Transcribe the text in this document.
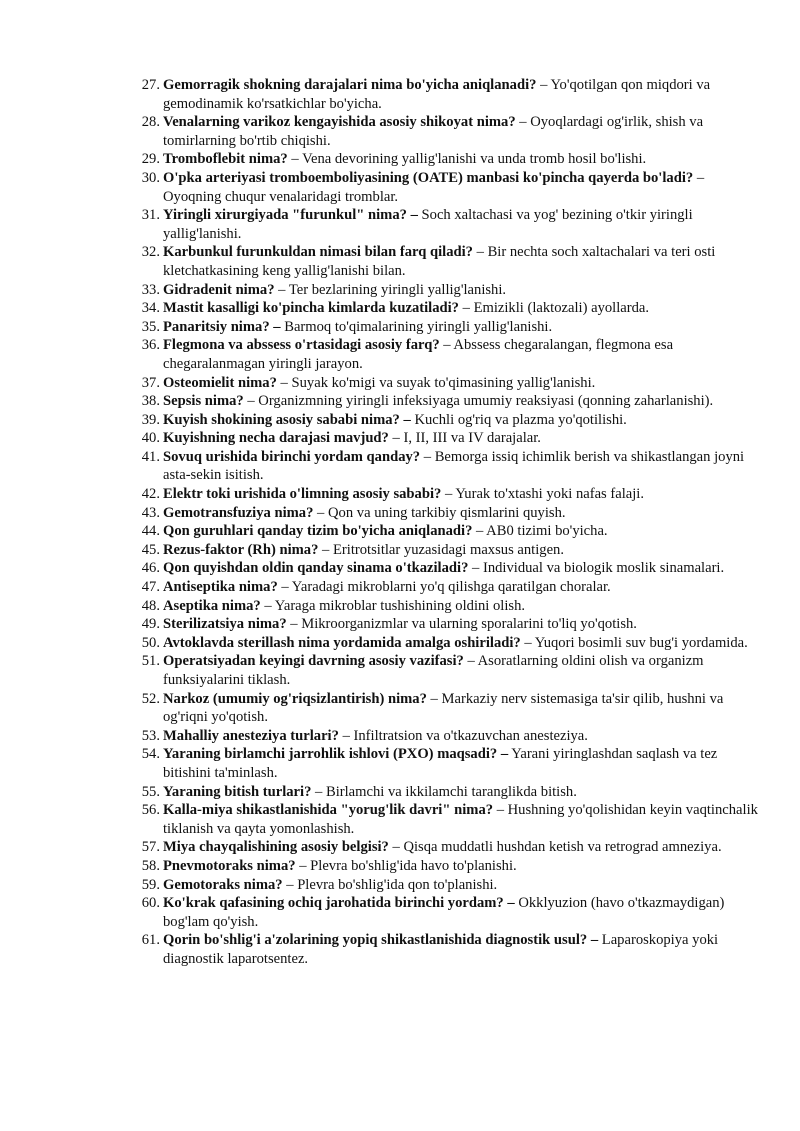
27. Gemorragik shokning darajalari nima bo'yicha aniqlanadi? – Yo'qotilgan qon miqdori va gemodinamik ko'rsatkichlar bo'yicha.
28. Venalarning varikoz kengayishida asosiy shikoyat nima? – Oyoqlardagi og'irlik, shish va tomirlarning bo'rtib chiqishi.
29. Tromboflebit nima? – Vena devorining yallig'lanishi va unda tromb hosil bo'lishi.
30. O'pka arteriyasi tromboemboliyasining (OATE) manbasi ko'pincha qayerda bo'ladi? – Oyoqning chuqur venalaridagi tromblar.
31. Yiringli xirurgiyada "furunkul" nima? – Soch xaltachasi va yog' bezining o'tkir yiringli yallig'lanishi.
32. Karbunkul furunkuldan nimasi bilan farq qiladi? – Bir nechta soch xaltachalari va teri osti kletchatkasining keng yallig'lanishi bilan.
33. Gidradenit nima? – Ter bezlarining yiringli yallig'lanishi.
34. Mastit kasalligi ko'pincha kimlarda kuzatiladi? – Emizikli (laktozali) ayollarda.
35. Panaritsiy nima? – Barmoq to'qimalarining yiringli yallig'lanishi.
36. Flegmona va abssess o'rtasidagi asosiy farq? – Abssess chegaralangan, flegmona esa chegaralanmagan yiringli jarayon.
37. Osteomielit nima? – Suyak ko'migi va suyak to'qimasining yallig'lanishi.
38. Sepsis nima? – Organizmning yiringli infeksiyaga umumiy reaksiyasi (qonning zaharlanishi).
39. Kuyish shokining asosiy sababi nima? – Kuchli og'riq va plazma yo'qotilishi.
40. Kuyishning necha darajasi mavjud? – I, II, III va IV darajalar.
41. Sovuq urishida birinchi yordam qanday? – Bemorga issiq ichimlik berish va shikastlangan joyni asta-sekin isitish.
42. Elektr toki urishida o'limning asosiy sababi? – Yurak to'xtashi yoki nafas falaji.
43. Gemotransfuziya nima? – Qon va uning tarkibiy qismlarini quyish.
44. Qon guruhlari qanday tizim bo'yicha aniqlanadi? – AB0 tizimi bo'yicha.
45. Rezus-faktor (Rh) nima? – Eritrotsitlar yuzasidagi maxsus antigen.
46. Qon quyishdan oldin qanday sinama o'tkaziladi? – Individual va biologik moslik sinamalari.
47. Antiseptika nima? – Yaradagi mikroblarni yo'q qilishga qaratilgan choralar.
48. Aseptika nima? – Yaraga mikroblar tushishining oldini olish.
49. Sterilizatsiya nima? – Mikroorganizmlar va ularning sporalarini to'liq yo'qotish.
50. Avtoklavda sterillash nima yordamida amalga oshiriladi? – Yuqori bosimli suv bug'i yordamida.
51. Operatsiyadan keyingi davrning asosiy vazifasi? – Asoratlarning oldini olish va organizm funksiyalarini tiklash.
52. Narkoz (umumiy og'riqsizlantirish) nima? – Markaziy nerv sistemasiga ta'sir qilib, hushni va og'riqni yo'qotish.
53. Mahalliy anesteziya turlari? – Infiltratsion va o'tkazuvchan anesteziya.
54. Yaraning birlamchi jarrohlik ishlovi (PXO) maqsadi? – Yarani yiringlashdan saqlash va tez bitishini ta'minlash.
55. Yaraning bitish turlari? – Birlamchi va ikkilamchi taranglikda bitish.
56. Kalla-miya shikastlanishida "yorug'lik davri" nima? – Hushning yo'qolishidan keyin vaqtinchalik tiklanish va qayta yomonlashish.
57. Miya chayqalishining asosiy belgisi? – Qisqa muddatli hushdan ketish va retrograd amneziya.
58. Pnevmotoraks nima? – Plevra bo'shlig'ida havo to'planishi.
59. Gemotoraks nima? – Plevra bo'shlig'ida qon to'planishi.
60. Ko'krak qafasining ochiq jarohatida birinchi yordam? – Okklyuzion (havo o'tkazmaydigan) bog'lam qo'yish.
61. Qorin bo'shlig'i a'zolarining yopiq shikastlanishida diagnostik usul? – Laparoskopiya yoki diagnostik laparotsentez.
